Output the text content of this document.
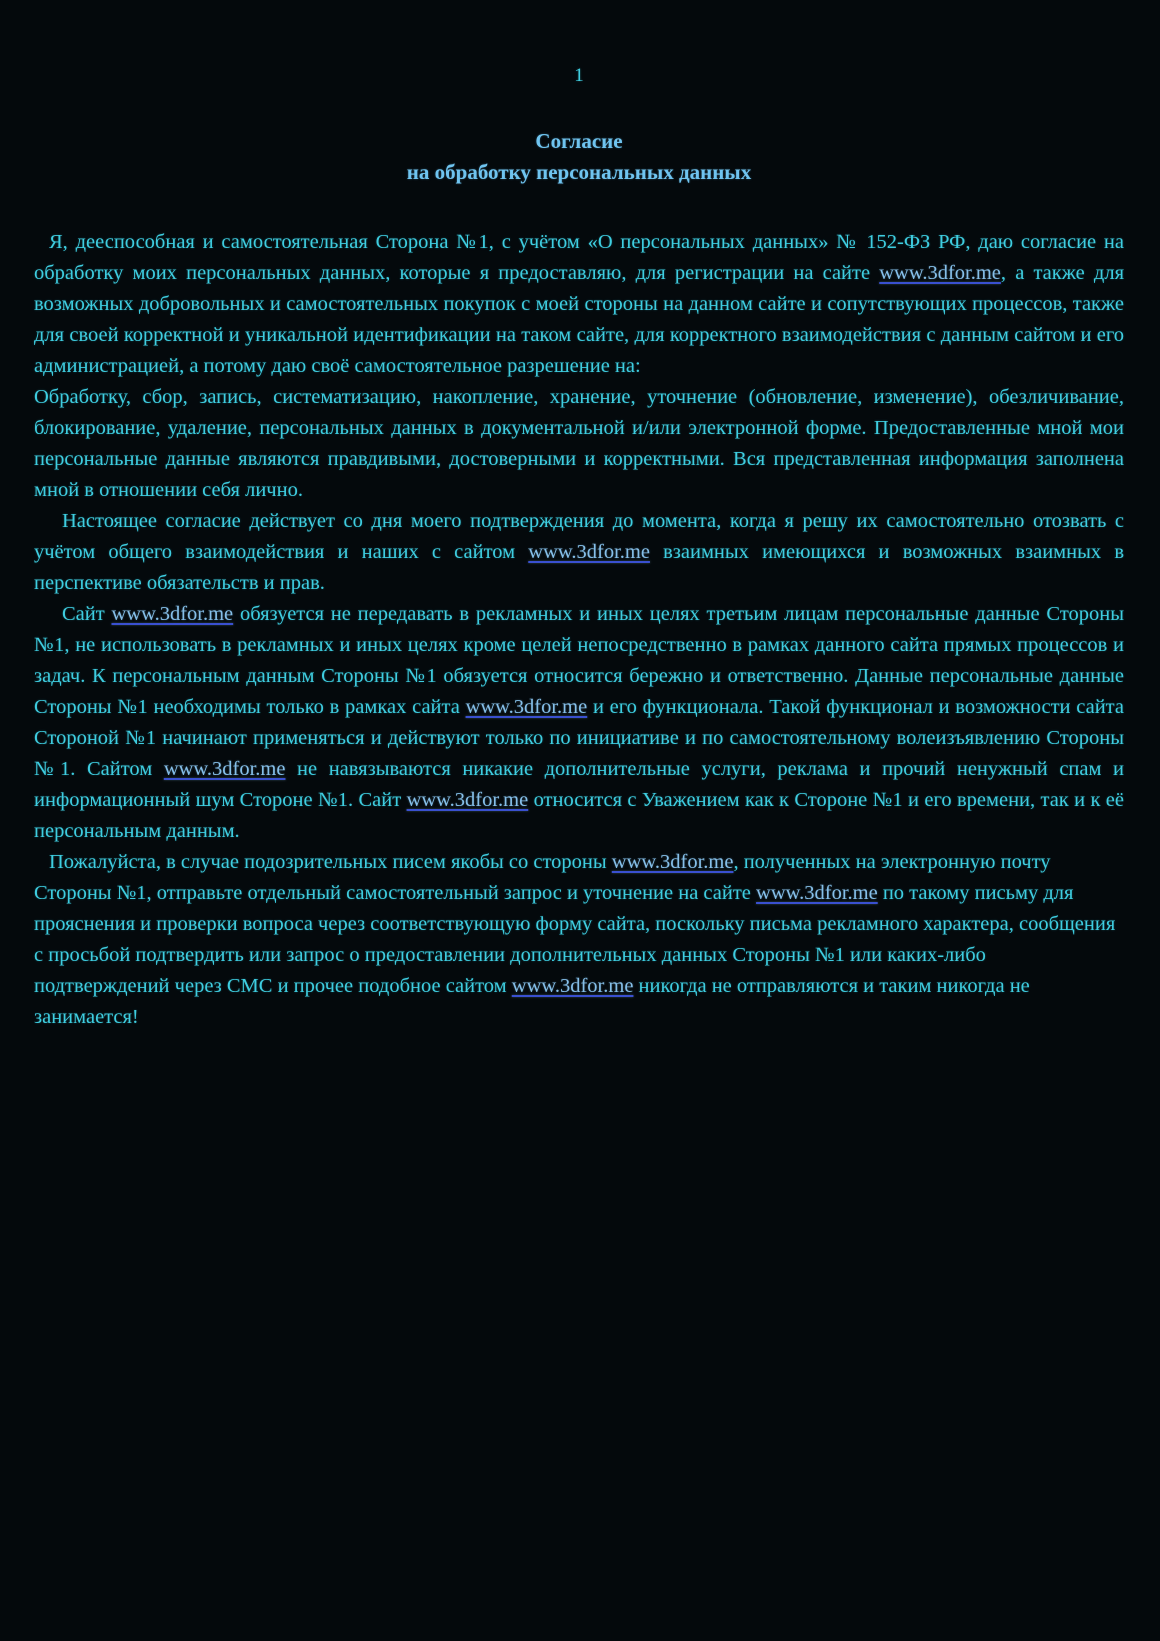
1
Согласие
на обработку персональных данных

Я, дееспособная и самостоятельная Сторона №1, с учётом «О персональных данных» № 152-ФЗ РФ, даю согласие на обработку моих персональных данных, которые я предоставляю, для регистрации на сайте www.3dfor.me, а также для возможных добровольных и самостоятельных покупок с моей стороны на данном сайте и сопутствующих процессов, также для своей корректной и уникальной идентификации на таком сайте, для корректного взаимодействия с данным сайтом и его администрацией, а потому даю своё самостоятельное разрешение на:

Обработку, сбор, запись, систематизацию, накопление, хранение, уточнение (обновление, изменение), обезличивание, блокирование, удаление, персональных данных в документальной и/или электронной форме. Предоставленные мной мои персональные данные являются правдивыми, достоверными и корректными. Вся представленная информация заполнена мной в отношении себя лично.

Настоящее согласие действует со дня моего подтверждения до момента, когда я решу их самостоятельно отозвать с учётом общего взаимодействия и наших с сайтом www.3dfor.me взаимных имеющихся и возможных взаимных в перспективе обязательств и прав.

Сайт www.3dfor.me обязуется не передавать в рекламных и иных целях третьим лицам персональные данные Стороны №1, не использовать в рекламных и иных целях кроме целей непосредственно в рамках данного сайта прямых процессов и задач. К персональным данным Стороны №1 обязуется относится бережно и ответственно. Данные персональные данные Стороны №1 необходимы только в рамках сайта www.3dfor.me и его функционала. Такой функционал и возможности сайта Стороной №1 начинают применяться и действуют только по инициативе и по самостоятельному волеизъявлению Стороны №1. Сайтом www.3dfor.me не навязываются никакие дополнительные услуги, реклама и прочий ненужный спам и информационный шум Стороне №1. Сайт www.3dfor.me относится с Уважением как к Стороне №1 и его времени, так и к её персональным данным.

Пожалуйста, в случае подозрительных писем якобы со стороны www.3dfor.me, полученных на электронную почту Стороны №1, отправьте отдельный самостоятельный запрос и уточнение на сайте www.3dfor.me по такому письму для прояснения и проверки вопроса через соответствующую форму сайта, поскольку письма рекламного характера, сообщения с просьбой подтвердить или запрос о предоставлении дополнительных данных Стороны №1 или каких-либо подтверждений через СМС и прочее подобное сайтом www.3dfor.me никогда не отправляются и таким никогда не занимается!
